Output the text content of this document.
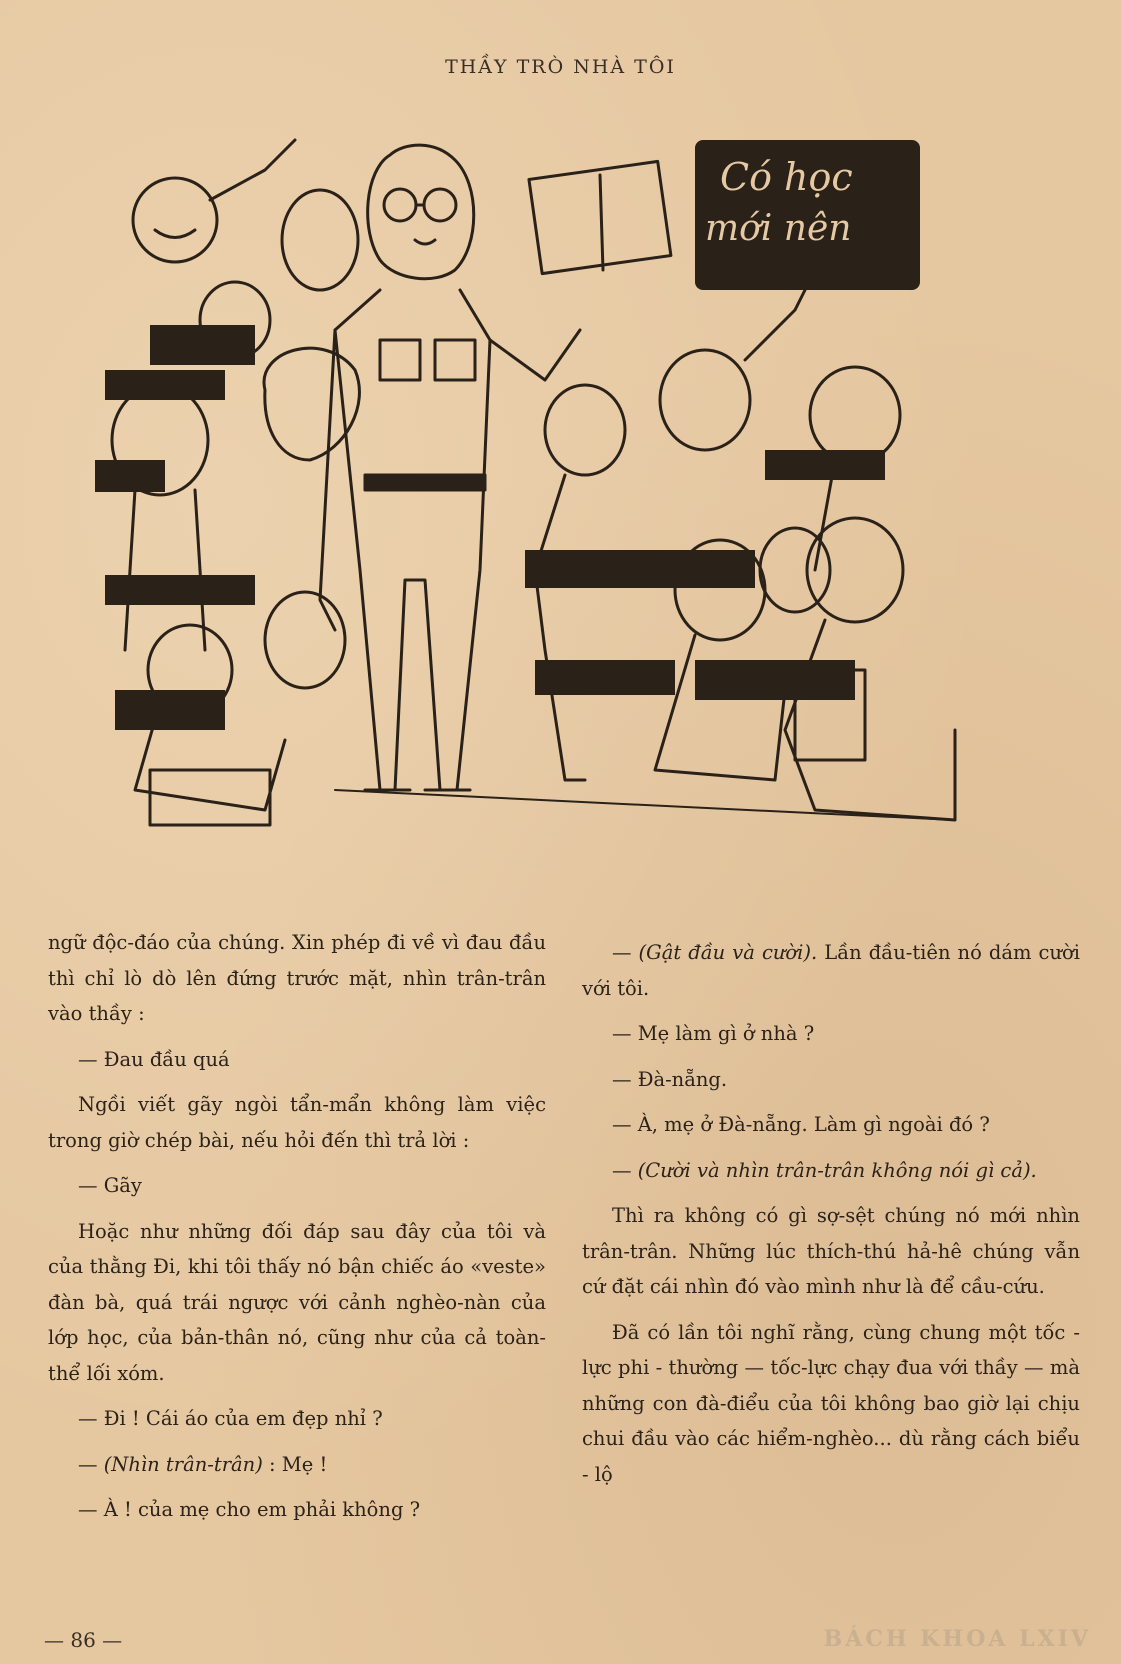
THẦY TRÒ NHÀ TÔI
Có học
mới nên
khôn

ngữ độc-đáo của chúng. Xin phép đi về vì đau đầu thì chỉ lò dò lên đứng trước mặt, nhìn trân-trân vào thầy :

— Đau đầu quá

Ngồi viết gãy ngòi tẩn-mẩn không làm việc trong giờ chép bài, nếu hỏi đến thì trả lời :

— Gãy

Hoặc như những đối đáp sau đây của tôi và của thằng Đi, khi tôi thấy nó bận chiếc áo «veste» đàn bà, quá trái ngược với cảnh nghèo-nàn của lớp học, của bản-thân nó, cũng như của cả toàn-thể lối xóm.

— Đi ! Cái áo của em đẹp nhỉ ?

— (Nhìn trân-trân) : Mẹ !

— À ! của mẹ cho em phải không ?

— (Gật đầu và cười). Lần đầu-tiên nó dám cười với tôi.

— Mẹ làm gì ở nhà ?

— Đà-nẵng.

— À, mẹ ở Đà-nẵng. Làm gì ngoài đó ?

— (Cười và nhìn trân-trân không nói gì cả).

Thì ra không có gì sợ-sệt chúng nó mới nhìn trân-trân. Những lúc thích-thú hả-hê chúng vẫn cứ đặt cái nhìn đó vào mình như là để cầu-cứu.

Đã có lần tôi nghĩ rằng, cùng chung một tốc - lực phi - thường — tốc-lực chạy đua với thầy — mà những con đà-điểu của tôi không bao giờ lại chịu chui đầu vào các hiểm-nghèo... dù rằng cách biểu - lộ

— 86 —	BÁCH KHOA LXIV
